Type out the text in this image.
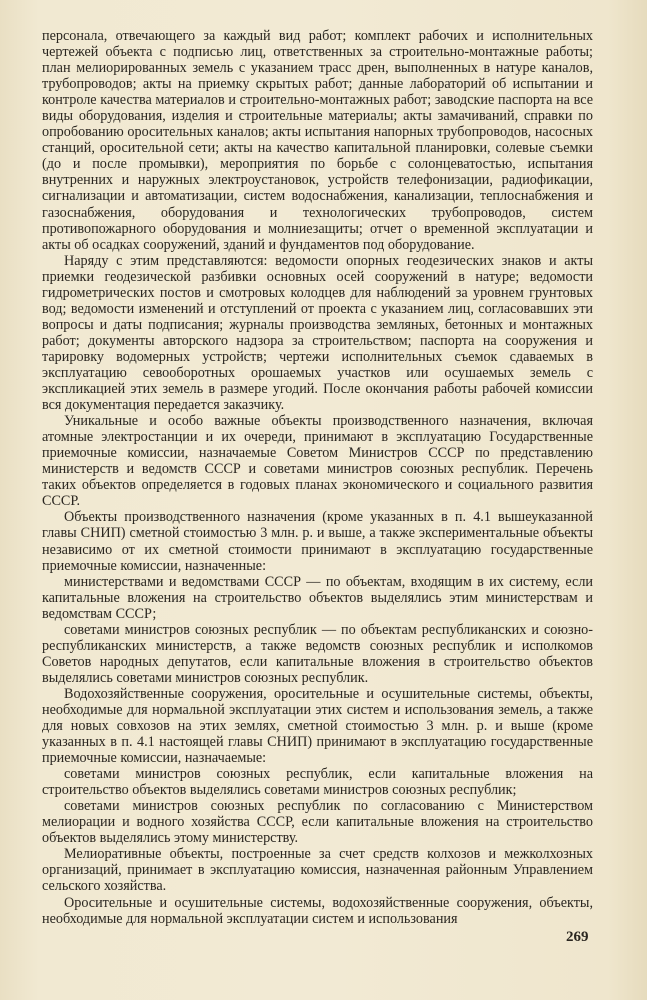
персонала, отвечающего за каждый вид работ; комплект рабочих и исполнительных чертежей объекта с подписью лиц, ответственных за строительно-монтажные работы; план мелиорированных земель с указанием трасс дрен, выполненных в натуре каналов, трубопроводов; акты на приемку скрытых работ; данные лабораторий об испытании и контроле качества материалов и строительно-монтажных работ; заводские паспорта на все виды оборудования, изделия и строительные материалы; акты замачиваний, справки по опробованию оросительных каналов; акты испытания напорных трубопроводов, насосных станций, оросительной сети; акты на качество капитальной планировки, солевые съемки (до и после промывки), мероприятия по борьбе с солонцеватостью, испытания внутренних и наружных электроустановок, устройств телефонизации, радиофикации, сигнализации и автоматизации, систем водоснабжения, канализации, теплоснабжения и газоснабжения, оборудования и технологических трубопроводов, систем противопожарного оборудования и молниезащиты; отчет о временной эксплуатации и акты об осадках сооружений, зданий и фундаментов под оборудование.

Наряду с этим представляются: ведомости опорных геодезических знаков и акты приемки геодезической разбивки основных осей сооружений в натуре; ведомости гидрометрических постов и смотровых колодцев для наблюдений за уровнем грунтовых вод; ведомости изменений и отступлений от проекта с указанием лиц, согласовавших эти вопросы и даты подписания; журналы производства земляных, бетонных и монтажных работ; документы авторского надзора за строительством; паспорта на сооружения и тарировку водомерных устройств; чертежи исполнительных съемок сдаваемых в эксплуатацию севооборотных орошаемых участков или осушаемых земель с экспликацией этих земель в размере угодий. После окончания работы рабочей комиссии вся документация передается заказчику.

Уникальные и особо важные объекты производственного назначения, включая атомные электростанции и их очереди, принимают в эксплуатацию Государственные приемочные комиссии, назначаемые Советом Министров СССР по представлению министерств и ведомств СССР и советами министров союзных республик. Перечень таких объектов определяется в годовых планах экономического и социального развития СССР.

Объекты производственного назначения (кроме указанных в п. 4.1 вышеуказанной главы СНИП) сметной стоимостью 3 млн. р. и выше, а также экспериментальные объекты независимо от их сметной стоимости принимают в эксплуатацию государственные приемочные комиссии, назначенные:

министерствами и ведомствами СССР — по объектам, входящим в их систему, если капитальные вложения на строительство объектов выделялись этим министерствам и ведомствам СССР;

советами министров союзных республик — по объектам республиканских и союзно-республиканских министерств, а также ведомств союзных республик и исполкомов Советов народных депутатов, если капитальные вложения в строительство объектов выделялись советами министров союзных республик.

Водохозяйственные сооружения, оросительные и осушительные системы, объекты, необходимые для нормальной эксплуатации этих систем и использования земель, а также для новых совхозов на этих землях, сметной стоимостью 3 млн. р. и выше (кроме указанных в п. 4.1 настоящей главы СНИП) принимают в эксплуатацию государственные приемочные комиссии, назначаемые:

советами министров союзных республик, если капитальные вложения на строительство объектов выделялись советами министров союзных республик;

советами министров союзных республик по согласованию с Министерством мелиорации и водного хозяйства СССР, если капитальные вложения на строительство объектов выделялись этому министерству.

Мелиоративные объекты, построенные за счет средств колхозов и межколхозных организаций, принимает в эксплуатацию комиссия, назначенная районным Управлением сельского хозяйства.

Оросительные и осушительные системы, водохозяйственные сооружения, объекты, необходимые для нормальной эксплуатации систем и использования

269
